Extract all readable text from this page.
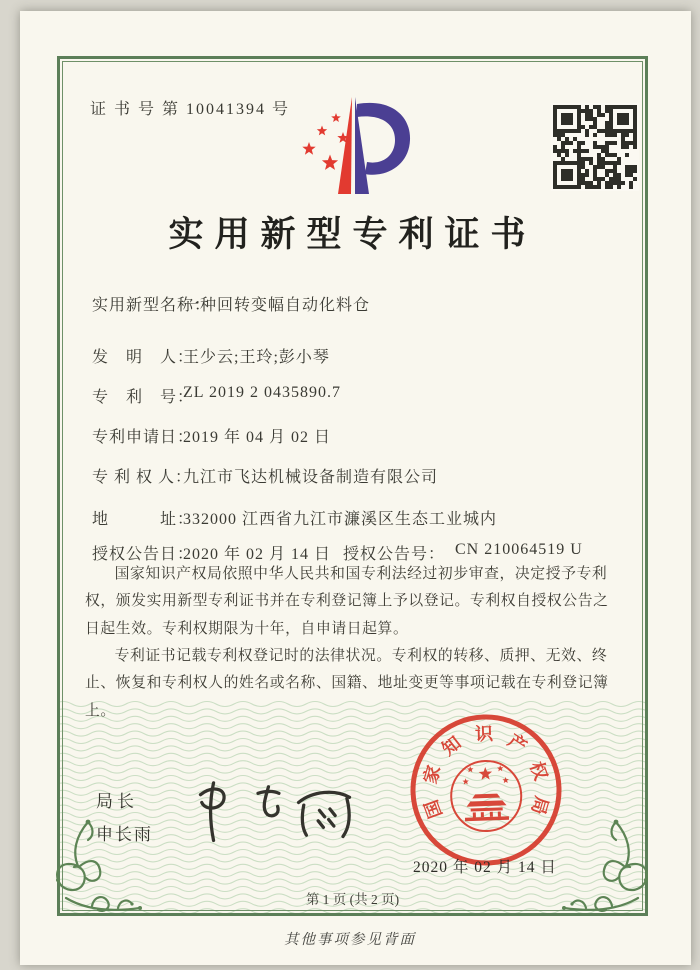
证 书 号 第 10041394 号
实用新型专利证书
实用新型名称：
一种回转变幅自动化料仓
发　明　人：
王少云;王玲;彭小琴
专　利　号：
ZL 2019 2 0435890.7
专利申请日：
2019 年 04 月 02 日
专 利 权 人：
九江市飞达机械设备制造有限公司
地　　　址：
332000 江西省九江市濂溪区生态工业城内
授权公告日：
2020 年 02 月 14 日 授权公告号： CN 210064519 U

国家知识产权局依照中华人民共和国专利法经过初步审查，决定授予专利权，颁发实用新型专利证书并在专利登记簿上予以登记。专利权自授权公告之日起生效。专利权期限为十年，自申请日起算。

专利证书记载专利权登记时的法律状况。专利权的转移、质押、无效、终止、恢复和专利权人的姓名或名称、国籍、地址变更等事项记载在专利登记簿上。

局长
申长雨
国
家
知 识 产
权
局
2020 年 02 月 14 日
第 1 页 (共 2 页)
其他事项参见背面
